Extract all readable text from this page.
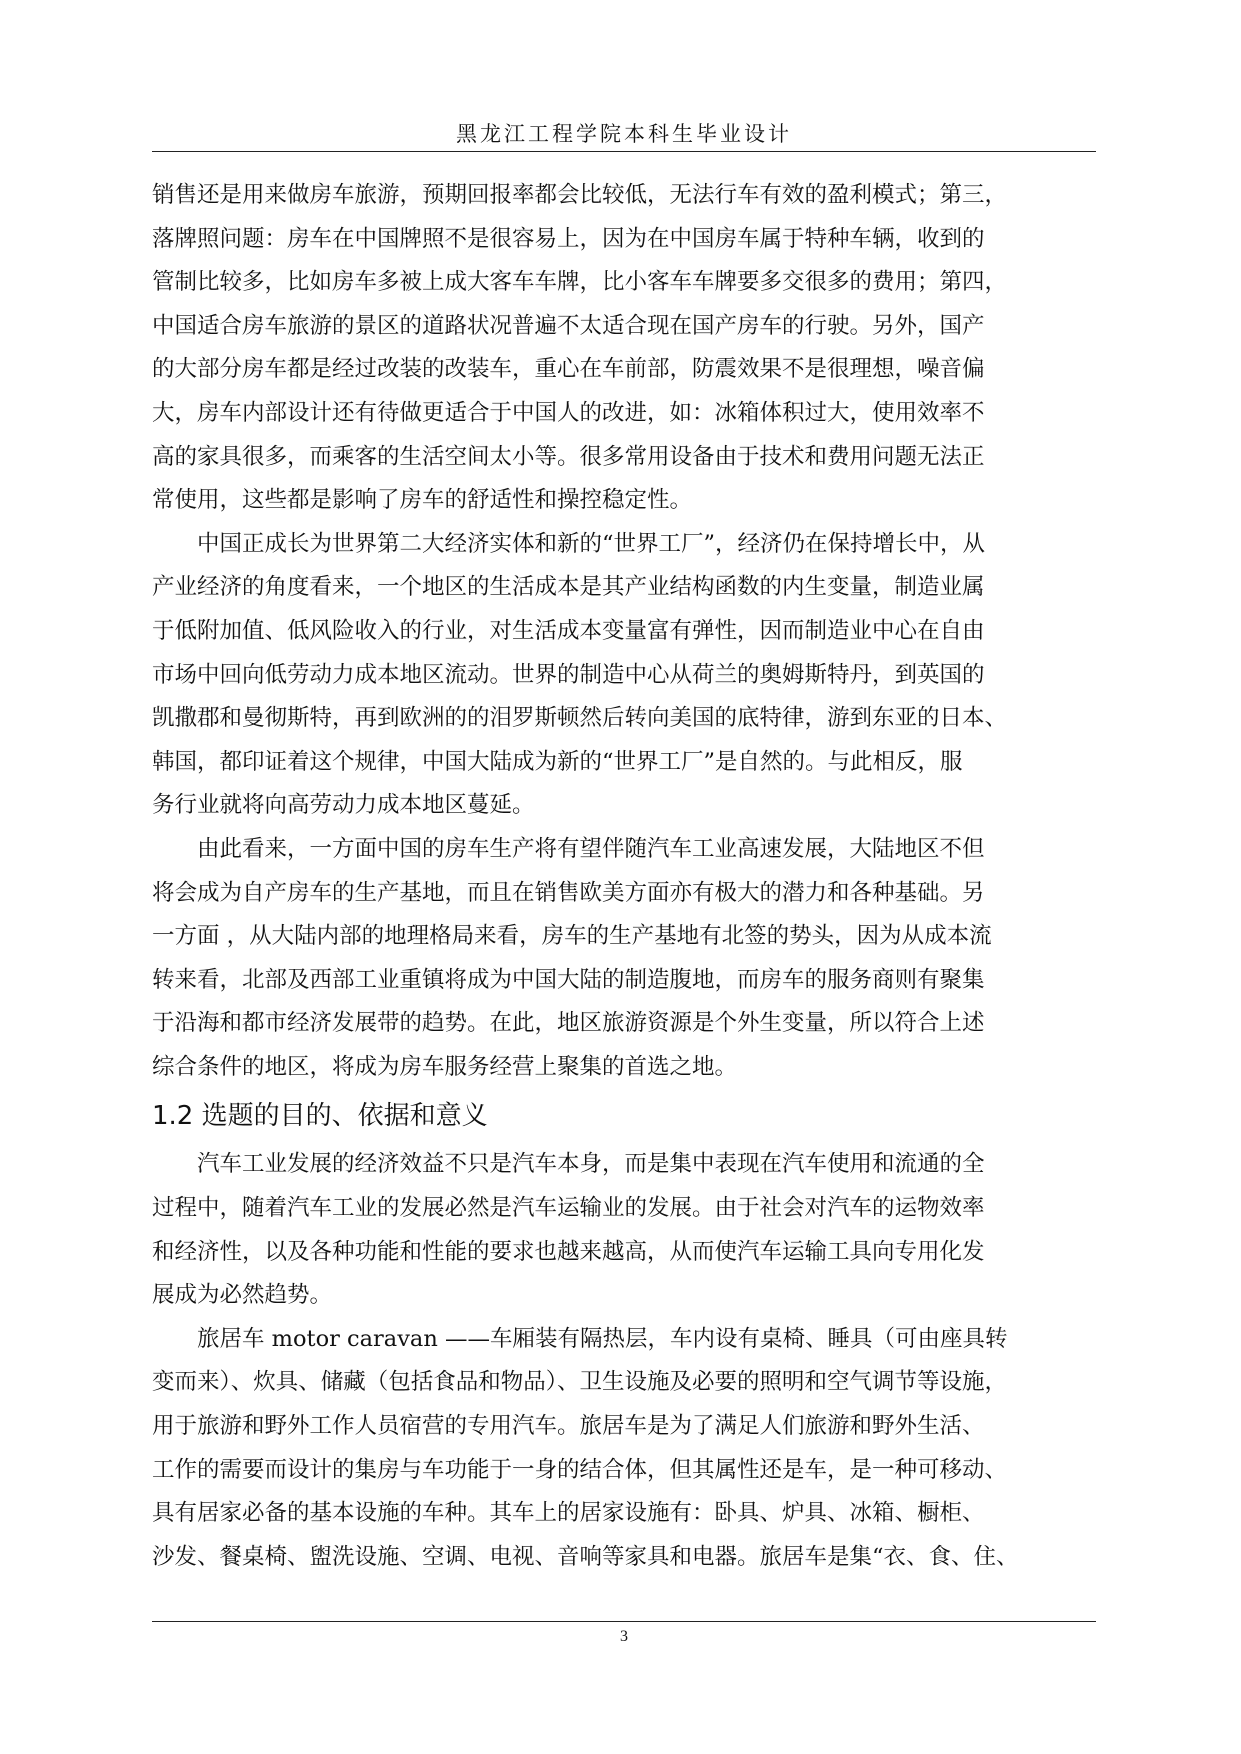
黑龙江工程学院本科生毕业设计
销售还是用来做房车旅游，预期回报率都会比较低，无法行车有效的盈利模式；第三，
落牌照问题：房车在中国牌照不是很容易上，因为在中国房车属于特种车辆，收到的
管制比较多，比如房车多被上成大客车车牌，比小客车车牌要多交很多的费用；第四，
中国适合房车旅游的景区的道路状况普遍不太适合现在国产房车的行驶。另外，国产
的大部分房车都是经过改装的改装车，重心在车前部，防震效果不是很理想，噪音偏
大，房车内部设计还有待做更适合于中国人的改进，如：冰箱体积过大，使用效率不
高的家具很多，而乘客的生活空间太小等。很多常用设备由于技术和费用问题无法正
常使用，这些都是影响了房车的舒适性和操控稳定性。
　　中国正成长为世界第二大经济实体和新的“世界工厂”，经济仍在保持增长中，从
产业经济的角度看来，一个地区的生活成本是其产业结构函数的内生变量，制造业属
于低附加值、低风险收入的行业，对生活成本变量富有弹性，因而制造业中心在自由
市场中回向低劳动力成本地区流动。世界的制造中心从荷兰的奥姆斯特丹，到英国的
凯撒郡和曼彻斯特，再到欧洲的的泪罗斯顿然后转向美国的底特律，游到东亚的日本、
韩国，都印证着这个规律，中国大陆成为新的“世界工厂”是自然的。与此相反，服
务行业就将向高劳动力成本地区蔓延。
　　由此看来，一方面中国的房车生产将有望伴随汽车工业高速发展，大陆地区不但
将会成为自产房车的生产基地，而且在销售欧美方面亦有极大的潜力和各种基础。另
一方面 ，从大陆内部的地理格局来看，房车的生产基地有北签的势头，因为从成本流
转来看，北部及西部工业重镇将成为中国大陆的制造腹地，而房车的服务商则有聚集
于沿海和都市经济发展带的趋势。在此，地区旅游资源是个外生变量，所以符合上述
综合条件的地区，将成为房车服务经营上聚集的首选之地。
1.2 选题的目的、依据和意义
　　汽车工业发展的经济效益不只是汽车本身，而是集中表现在汽车使用和流通的全
过程中，随着汽车工业的发展必然是汽车运输业的发展。由于社会对汽车的运物效率
和经济性，以及各种功能和性能的要求也越来越高，从而使汽车运输工具向专用化发
展成为必然趋势。
　　旅居车 motor caravan ——车厢装有隔热层，车内设有桌椅、睡具（可由座具转
变而来）、炊具、储藏（包括食品和物品）、卫生设施及必要的照明和空气调节等设施，
用于旅游和野外工作人员宿营的专用汽车。旅居车是为了满足人们旅游和野外生活、
工作的需要而设计的集房与车功能于一身的结合体，但其属性还是车，是一种可移动、
具有居家必备的基本设施的车种。其车上的居家设施有：卧具、炉具、冰箱、橱柜、
沙发、餐桌椅、盥洗设施、空调、电视、音响等家具和电器。旅居车是集“衣、食、住、
3
